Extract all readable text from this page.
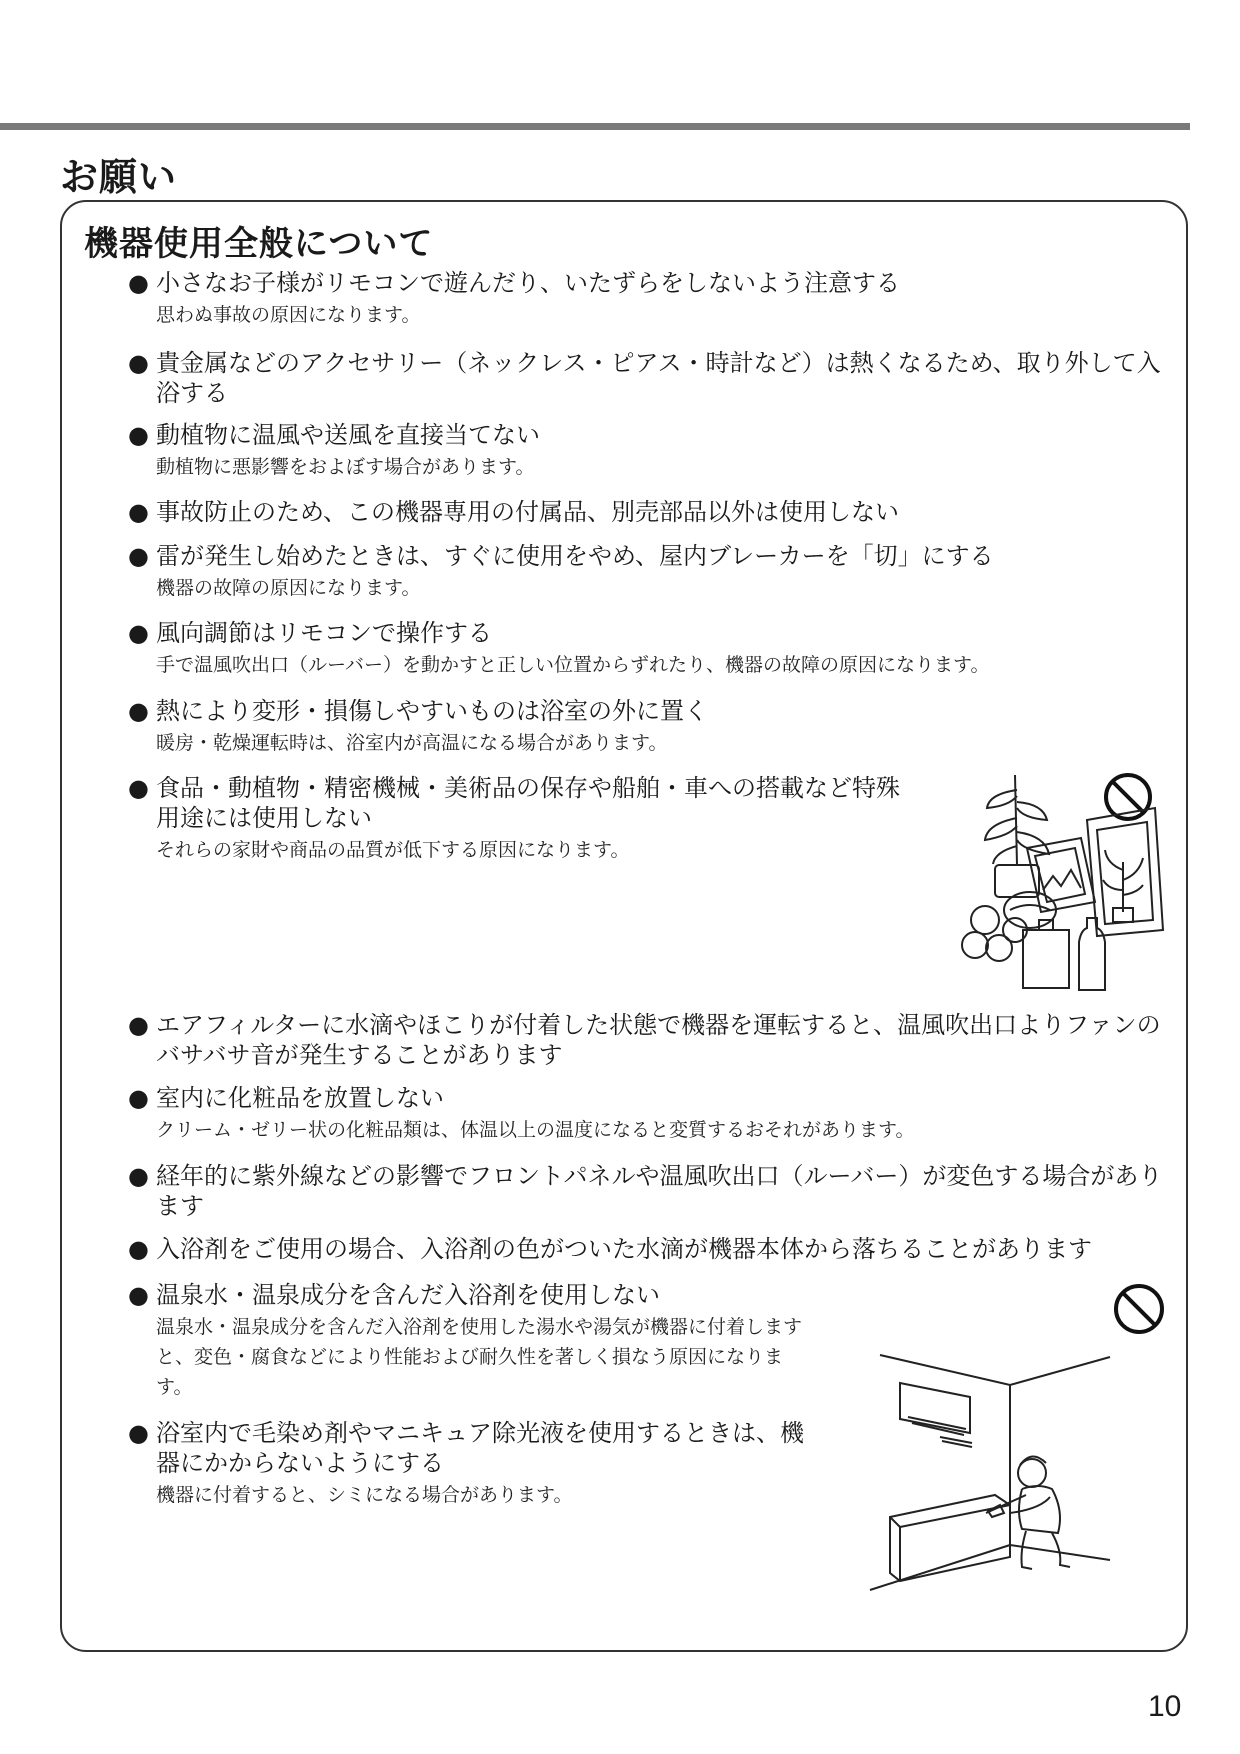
お願い
機器使用全般について

● 小さなお子様がリモコンで遊んだり、いたずらをしないよう注意する

思わぬ事故の原因になります。

● 貴金属などのアクセサリー（ネックレス・ピアス・時計など）は熱くなるため、取り外して入浴する

● 動植物に温風や送風を直接当てない

動植物に悪影響をおよぼす場合があります。

● 事故防止のため、この機器専用の付属品、別売部品以外は使用しない

● 雷が発生し始めたときは、すぐに使用をやめ、屋内ブレーカーを「切」にする

機器の故障の原因になります。

● 風向調節はリモコンで操作する

手で温風吹出口（ルーバー）を動かすと正しい位置からずれたり、機器の故障の原因になります。

● 熱により変形・損傷しやすいものは浴室の外に置く

暖房・乾燥運転時は、浴室内が高温になる場合があります。

● 食品・動植物・精密機械・美術品の保存や船舶・車への搭載など特殊用途には使用しない

それらの家財や商品の品質が低下する原因になります。

● エアフィルターに水滴やほこりが付着した状態で機器を運転すると、温風吹出口よりファンのバサバサ音が発生することがあります

● 室内に化粧品を放置しない

クリーム・ゼリー状の化粧品類は、体温以上の温度になると変質するおそれがあります。

● 経年的に紫外線などの影響でフロントパネルや温風吹出口（ルーバー）が変色する場合があります

● 入浴剤をご使用の場合、入浴剤の色がついた水滴が機器本体から落ちることがあります

● 温泉水・温泉成分を含んだ入浴剤を使用しない

温泉水・温泉成分を含んだ入浴剤を使用した湯水や湯気が機器に付着しますと、変色・腐食などにより性能および耐久性を著しく損なう原因になります。

● 浴室内で毛染め剤やマニキュア除光液を使用するときは、機器にかからないようにする

機器に付着すると、シミになる場合があります。

10
